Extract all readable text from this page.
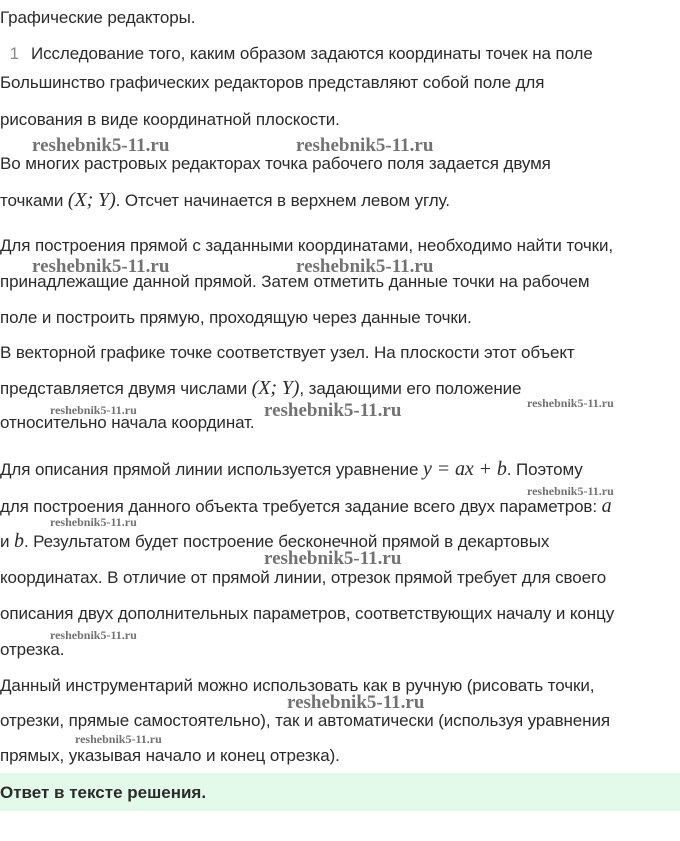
Графические редакторы.
1 Исследование того, каким образом задаются координаты точек на поле
Большинство графических редакторов представляют собой поле для
рисования в виде координатной плоскости.
Во многих растровых редакторах точка рабочего поля задается двумя
точками (X; Y). Отсчет начинается в верхнем левом углу.
Для построения прямой с заданными координатами, необходимо найти точки,
принадлежащие данной прямой. Затем отметить данные точки на рабочем
поле и построить прямую, проходящую через данные точки.
В векторной графике точке соответствует узел. На плоскости этот объект
представляется двумя числами (X; Y), задающими его положение
относительно начала координат.
Для описания прямой линии используется уравнение y = ax + b. Поэтому
для построения данного объекта требуется задание всего двух параметров: a
и b. Результатом будет построение бесконечной прямой в декартовых
координатах. В отличие от прямой линии, отрезок прямой требует для своего
описания двух дополнительных параметров, соответствующих началу и концу
отрезка.
Данный инструментарий можно использовать как в ручную (рисовать точки,
отрезки, прямые самостоятельно), так и автоматически (используя уравнения
прямых, указывая начало и конец отрезка).
Ответ в тексте решения.
reshebnik5-11.ru	reshebnik5-11.ru
reshebnik5-11.ru	reshebnik5-11.ru
reshebnik5-11.ru	reshebnik5-11.ru	reshebnik5-11.ru
reshebnik5-11.ru
reshebnik5-11.ru
reshebnik5-11.ru
reshebnik5-11.ru
reshebnik5-11.ru
reshebnik5-11.ru
